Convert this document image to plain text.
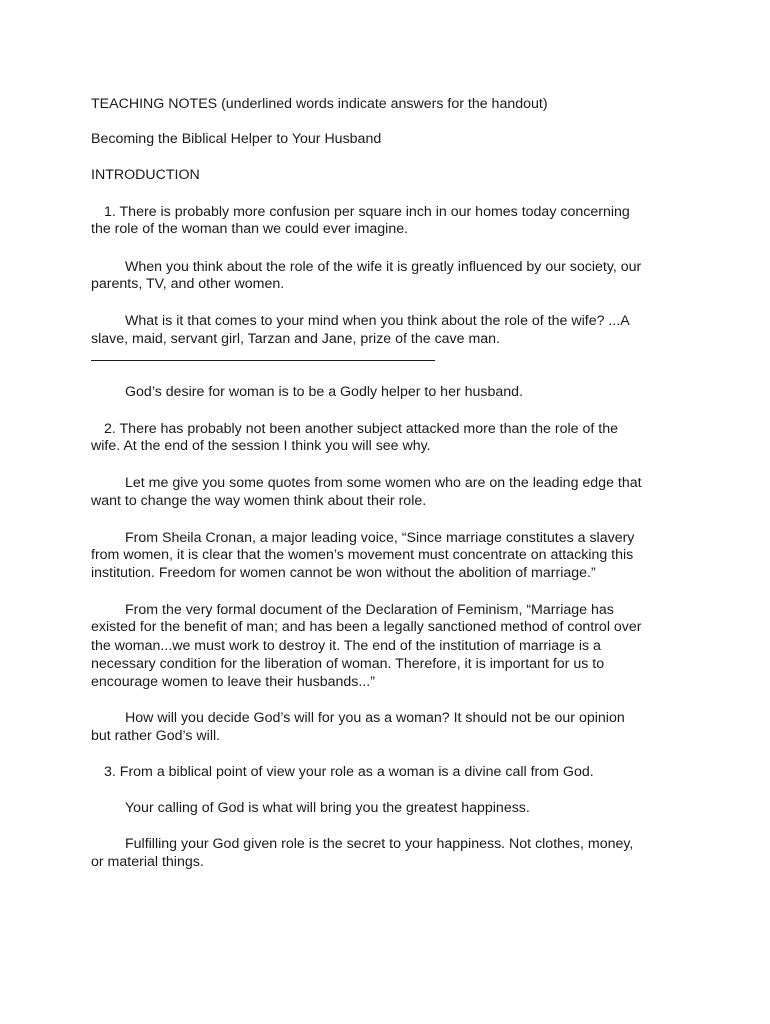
TEACHING NOTES (underlined words indicate answers for the handout)
Becoming the Biblical Helper to Your Husband
INTRODUCTION
1. There is probably more confusion per square inch in our homes today concerning
the role of the woman than we could ever imagine.
When you think about the role of the wife it is greatly influenced by our society, our
parents, TV, and other women.
What is it that comes to your mind when you think about the role of the wife? ...A
slave, maid, servant girl, Tarzan and Jane, prize of the cave man.
God’s desire for woman is to be a Godly helper to her husband.
2. There has probably not been another subject attacked more than the role of the
wife. At the end of the session I think you will see why.
Let me give you some quotes from some women who are on the leading edge that
want to change the way women think about their role.
From Sheila Cronan, a major leading voice, “Since marriage constitutes a slavery
from women, it is clear that the women’s movement must concentrate on attacking this
institution. Freedom for women cannot be won without the abolition of marriage.”
From the very formal document of the Declaration of Feminism, “Marriage has
existed for the benefit of man; and has been a legally sanctioned method of control over
the woman...we must work to destroy it. The end of the institution of marriage is a
necessary condition for the liberation of woman. Therefore, it is important for us to
encourage women to leave their husbands...”
How will you decide God’s will for you as a woman? It should not be our opinion
but rather God’s will.
3. From a biblical point of view your role as a woman is a divine call from God.
Your calling of God is what will bring you the greatest happiness.
Fulfilling your God given role is the secret to your happiness. Not clothes, money,
or material things.
